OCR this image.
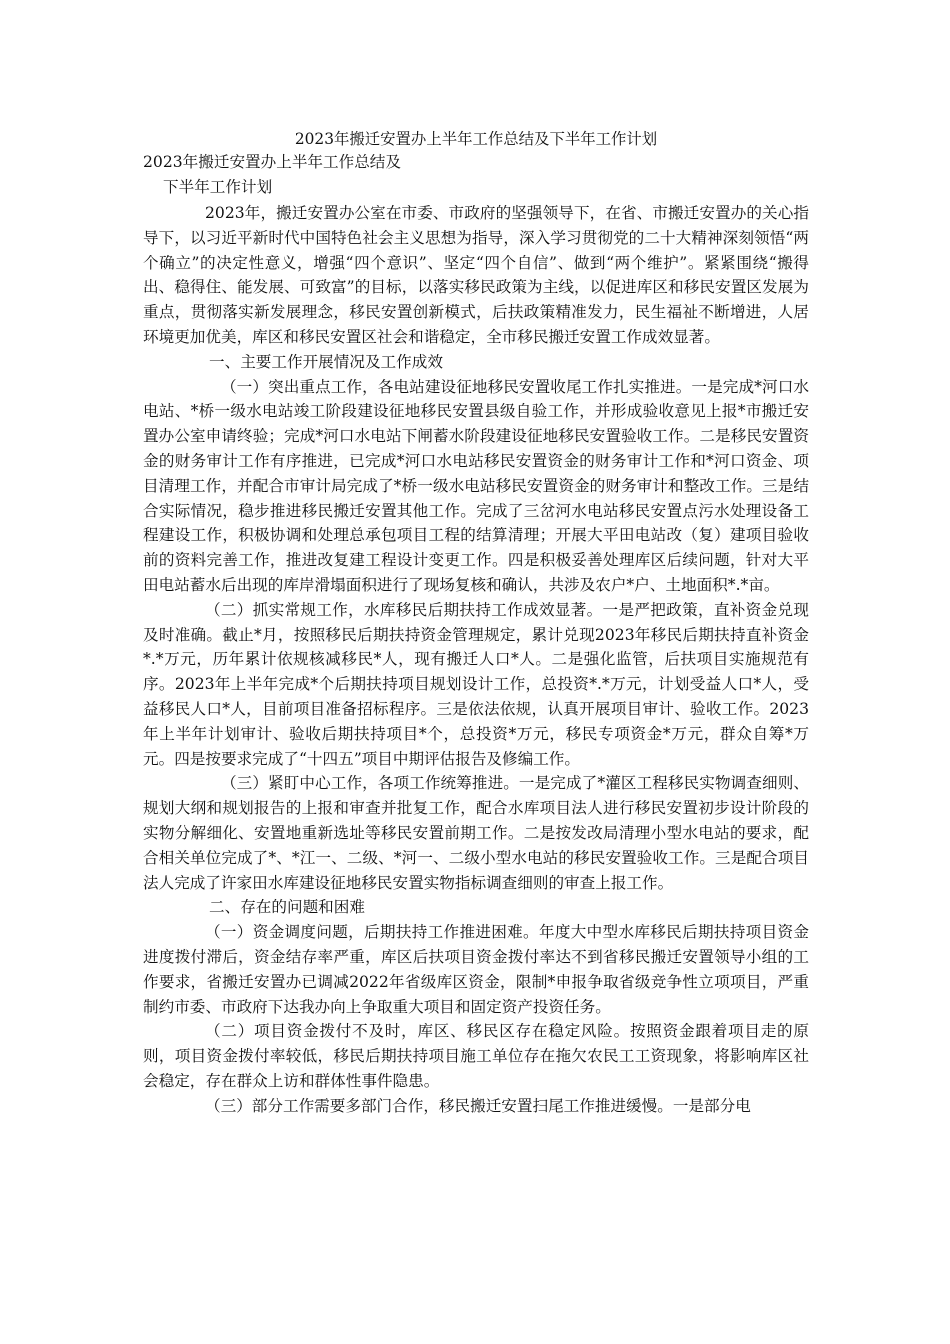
2023年搬迁安置办上半年工作总结及下半年工作计划

2023年搬迁安置办上半年工作总结及

下半年工作计划

2023年，搬迁安置办公室在市委、市政府的坚强领导下，在省、市搬迁安置办的关心指导下，以习近平新时代中国特色社会主义思想为指导，深入学习贯彻党的二十大精神深刻领悟“两个确立”的决定性意义，增强“四个意识”、坚定“四个自信”、做到“两个维护”。紧紧围绕“搬得出、稳得住、能发展、可致富”的目标，以落实移民政策为主线，以促进库区和移民安置区发展为重点，贯彻落实新发展理念，移民安置创新模式，后扶政策精准发力，民生福祉不断增进，人居环境更加优美，库区和移民安置区社会和谐稳定，全市移民搬迁安置工作成效显著。

一、主要工作开展情况及工作成效

（一）突出重点工作，各电站建设征地移民安置收尾工作扎实推进。一是完成*河口水电站、*桥一级水电站竣工阶段建设征地移民安置县级自验工作，并形成验收意见上报*市搬迁安置办公室申请终验；完成*河口水电站下闸蓄水阶段建设征地移民安置验收工作。二是移民安置资金的财务审计工作有序推进，已完成*河口水电站移民安置资金的财务审计工作和*河口资金、项目清理工作，并配合市审计局完成了*桥一级水电站移民安置资金的财务审计和整改工作。三是结合实际情况，稳步推进移民搬迁安置其他工作。完成了三岔河水电站移民安置点污水处理设备工程建设工作，积极协调和处理总承包项目工程的结算清理；开展大平田电站改（复）建项目验收前的资料完善工作，推进改复建工程设计变更工作。四是积极妥善处理库区后续问题，针对大平田电站蓄水后出现的库岸滑塌面积进行了现场复核和确认，共涉及农户*户、土地面积*.*亩。

（二）抓实常规工作，水库移民后期扶持工作成效显著。一是严把政策，直补资金兑现及时准确。截止*月，按照移民后期扶持资金管理规定，累计兑现2023年移民后期扶持直补资金*.*万元，历年累计依规核减移民*人，现有搬迁人口*人。二是强化监管，后扶项目实施规范有序。2023年上半年完成*个后期扶持项目规划设计工作，总投资*.*万元，计划受益人口*人，受益移民人口*人，目前项目准备招标程序。三是依法依规，认真开展项目审计、验收工作。2023年上半年计划审计、验收后期扶持项目*个，总投资*万元，移民专项资金*万元，群众自筹*万元。四是按要求完成了“十四五”项目中期评估报告及修编工作。

（三）紧盯中心工作，各项工作统筹推进。一是完成了*灌区工程移民实物调查细则、规划大纲和规划报告的上报和审查并批复工作，配合水库项目法人进行移民安置初步设计阶段的实物分解细化、安置地重新选址等移民安置前期工作。二是按发改局清理小型水电站的要求，配合相关单位完成了*、*江一、二级、*河一、二级小型水电站的移民安置验收工作。三是配合项目法人完成了许家田水库建设征地移民安置实物指标调查细则的审查上报工作。

二、存在的问题和困难

（一）资金调度问题，后期扶持工作推进困难。年度大中型水库移民后期扶持项目资金进度拨付滞后，资金结存率严重，库区后扶项目资金拨付率达不到省移民搬迁安置领导小组的工作要求，省搬迁安置办已调减2022年省级库区资金，限制*申报争取省级竞争性立项项目，严重制约市委、市政府下达我办向上争取重大项目和固定资产投资任务。

（二）项目资金拨付不及时，库区、移民区存在稳定风险。按照资金跟着项目走的原则，项目资金拨付率较低，移民后期扶持项目施工单位存在拖欠农民工工资现象，将影响库区社会稳定，存在群众上访和群体性事件隐患。

（三）部分工作需要多部门合作，移民搬迁安置扫尾工作推进缓慢。一是部分电
